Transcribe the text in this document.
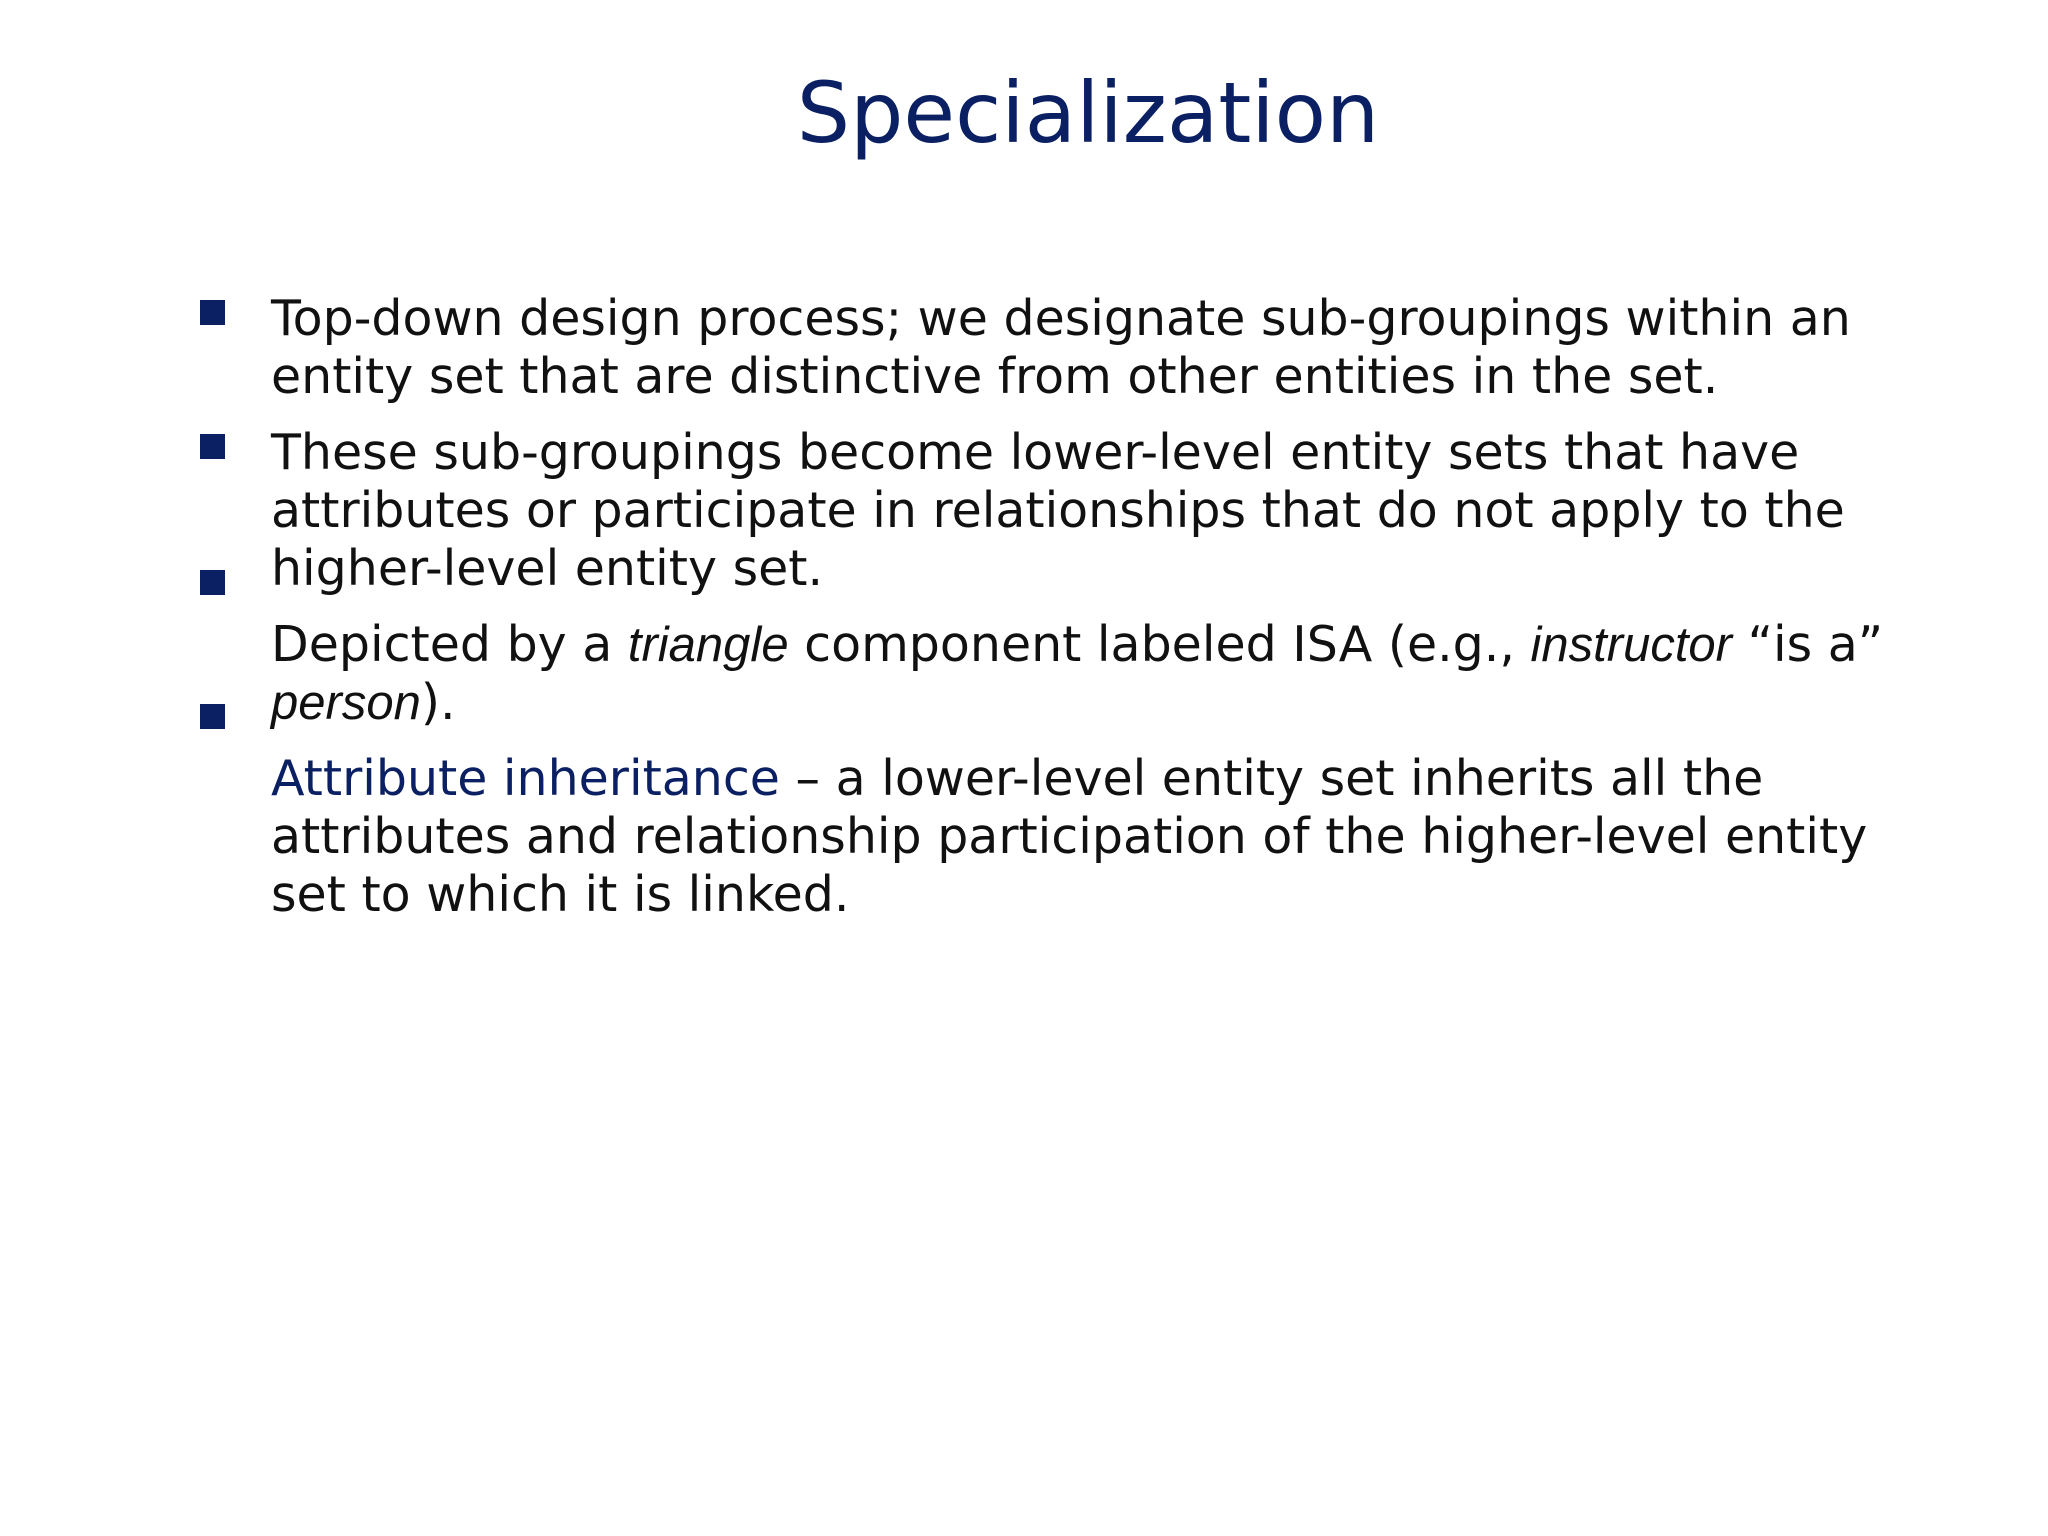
Specialization

Top-down design process; we designate sub-groupings within an

entity set that are distinctive from other entities in the set.

These sub-groupings become lower-level entity sets that have

attributes or participate in relationships that do not apply to the

higher-level entity set.

Depicted by a triangle component labeled ISA (e.g., instructor “is a”

person).

Attribute inheritance – a lower-level entity set inherits all the

attributes and relationship participation of the higher-level entity

set to which it is linked.
